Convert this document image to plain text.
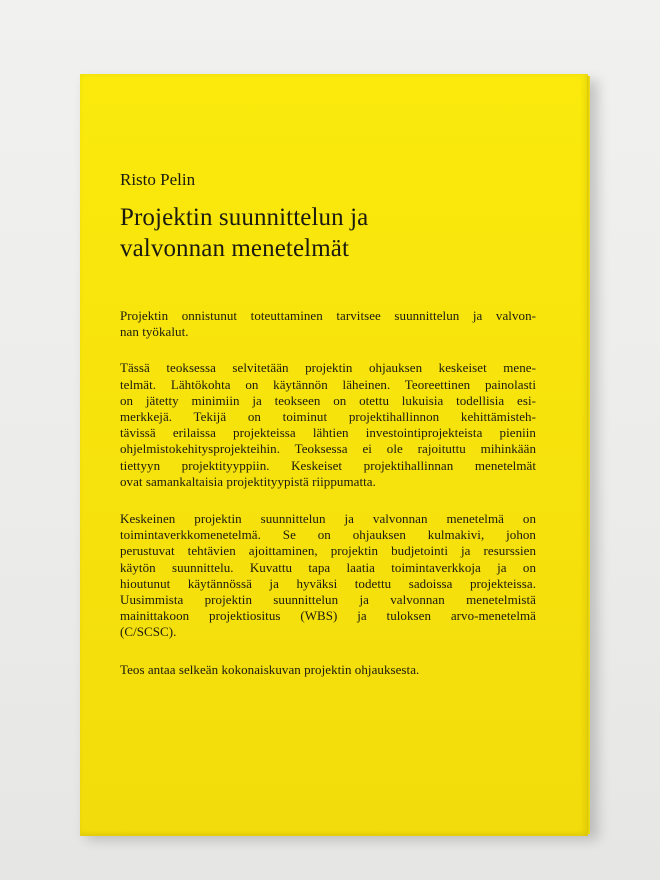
Risto Pelin

Projektin suunnittelun ja
valvonnan menetelmät
Projektin onnistunut toteuttaminen tarvitsee suunnittelun ja valvon-
nan työkalut.
Tässä teoksessa selvitetään projektin ohjauksen keskeiset mene-
telmät. Lähtökohta on käytännön läheinen. Teoreettinen painolasti
on jätetty minimiin ja teokseen on otettu lukuisia todellisia esi-
merkkejä. Tekijä on toiminut projektihallinnon kehittämisteh-
tävissä erilaissa projekteissa lähtien investointiprojekteista pieniin
ohjelmistokehitysprojekteihin. Teoksessa ei ole rajoituttu mihinkään
tiettyyn projektityyppiin. Keskeiset projektihallinnan menetelmät
ovat samankaltaisia projektityypistä riippumatta.
Keskeinen projektin suunnittelun ja valvonnan menetelmä on
toimintaverkkomenetelmä. Se on ohjauksen kulmakivi, johon
perustuvat tehtävien ajoittaminen, projektin budjetointi ja resurssien
käytön suunnittelu. Kuvattu tapa laatia toimintaverkkoja ja on
hioutunut käytännössä ja hyväksi todettu sadoissa projekteissa.
Uusimmista projektin suunnittelun ja valvonnan menetelmistä
mainittakoon projektiositus (WBS) ja tuloksen arvo-menetelmä
(C/SCSC).
Teos antaa selkeän kokonaiskuvan projektin ohjauksesta.
